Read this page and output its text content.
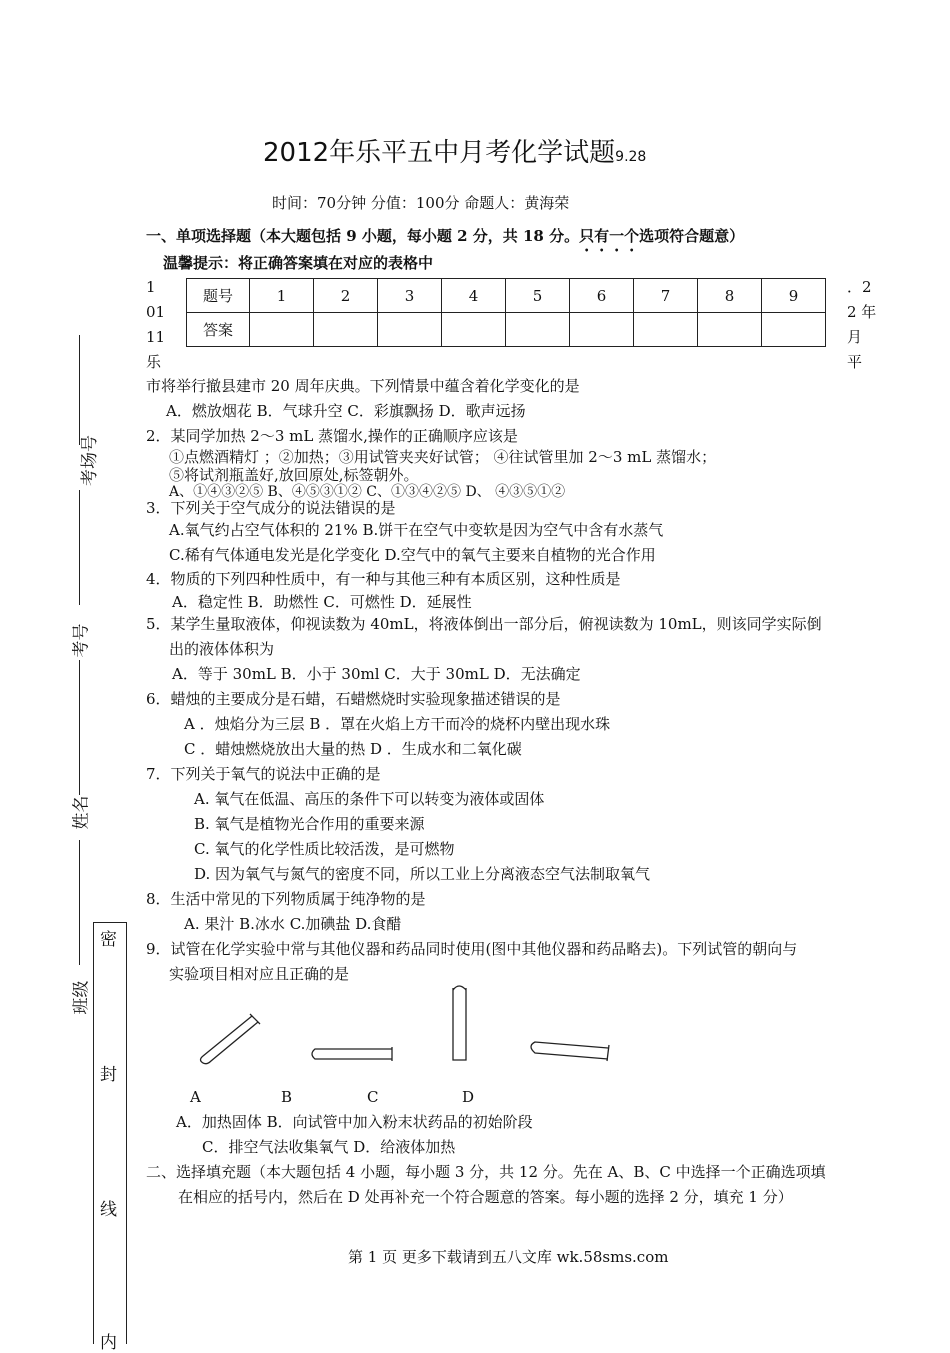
2012年乐平五中月考化学试题9.28
时间：70分钟 分值：100分 命题人：黄海荣
一、单项选择题（本大题包括 9 小题，每小题 2 分，共 18 分。只有一个选项符合题意）
温馨提示：将正确答案填在对应的表格中
题号	1	2	3	4	5	6	7	8	9
答案									
1
01
11
乐
．2
2 年
月
平
市将举行撤县建市 20 周年庆典。下列情景中蕴含着化学变化的是
A．燃放烟花 B．气球升空 C．彩旗飘扬 D．歌声远扬
2．某同学加热 2～3 mL 蒸馏水,操作的正确顺序应该是
①点燃酒精灯 ；②加热；③用试管夹夹好试管； ④往试管里加 2～3 mL 蒸馏水；
⑤将试剂瓶盖好,放回原处,标签朝外。
A、①④③②⑤ B、④⑤③①② C、①③④②⑤ D、 ④③⑤①②
3．下列关于空气成分的说法错误的是
A.氧气约占空气体积的 21% B.饼干在空气中变软是因为空气中含有水蒸气
C.稀有气体通电发光是化学变化 D.空气中的氧气主要来自植物的光合作用
4．物质的下列四种性质中，有一种与其他三种有本质区别，这种性质是
A．稳定性 B．助燃性 C．可燃性 D．延展性
5．某学生量取液体，仰视读数为 40mL，将液体倒出一部分后，俯视读数为 10mL，则该同学实际倒
出的液体体积为
A．等于 30mL B．小于 30ml C．大于 30mL D．无法确定
6．蜡烛的主要成分是石蜡，石蜡燃烧时实验现象描述错误的是
A ．烛焰分为三层 B ．罩在火焰上方干而冷的烧杯内壁出现水珠
C ．蜡烛燃烧放出大量的热 D ．生成水和二氧化碳
7．下列关于氧气的说法中正确的是
A. 氧气在低温、高压的条件下可以转变为液体或固体
B. 氧气是植物光合作用的重要来源
C. 氧气的化学性质比较活泼，是可燃物
D. 因为氧气与氮气的密度不同，所以工业上分离液态空气法制取氧气
8．生活中常见的下列物质属于纯净物的是
A. 果汁 B.冰水 C.加碘盐 D.食醋
9．试管在化学实验中常与其他仪器和药品同时使用(图中其他仪器和药品略去)。下列试管的朝向与
实验项目相对应且正确的是
A	B	C	D
A．加热固体 B．向试管中加入粉末状药品的初始阶段
C．排空气法收集氧气 D．给液体加热
二、选择填充题（本大题包括 4 小题，每小题 3 分，共 12 分。先在 A、B、C 中选择一个正确选项填
在相应的括号内，然后在 D 处再补充一个符合题意的答案。每小题的选择 2 分，填充 1 分）
第 1 页 更多下载请到五八文库 wk.58sms.com
考场号
考号
姓名
班级
密
封
线
内
